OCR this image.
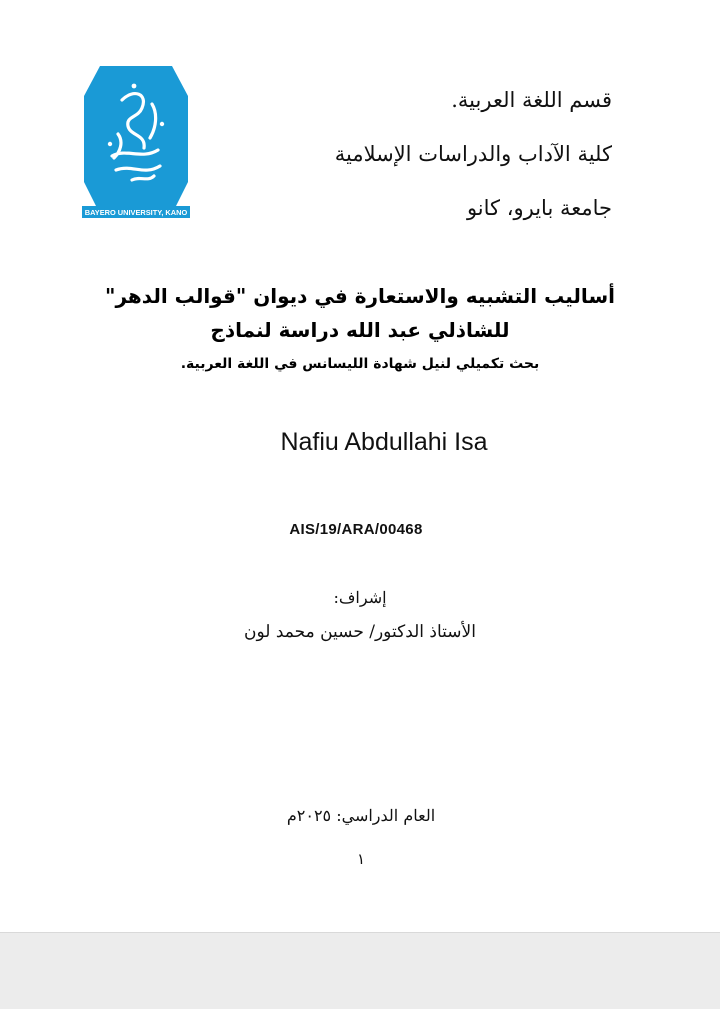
BAYERO UNIVERSITY, KANO
قسم اللغة العربية.
كلية الآداب والدراسات الإسلامية
جامعة بايرو، كانو
أساليب التشبيه والاستعارة في ديوان "قوالب الدهر"
للشاذلي عبد الله دراسة لنماذج
بحث تكميلي لنيل شهادة الليسانس في اللغة العربية.
Nafiu Abdullahi Isa
AIS/19/ARA/00468
إشراف:
الأستاذ الدكتور/ حسين محمد لون
العام الدراسي: ٢٠٢٥م
١
